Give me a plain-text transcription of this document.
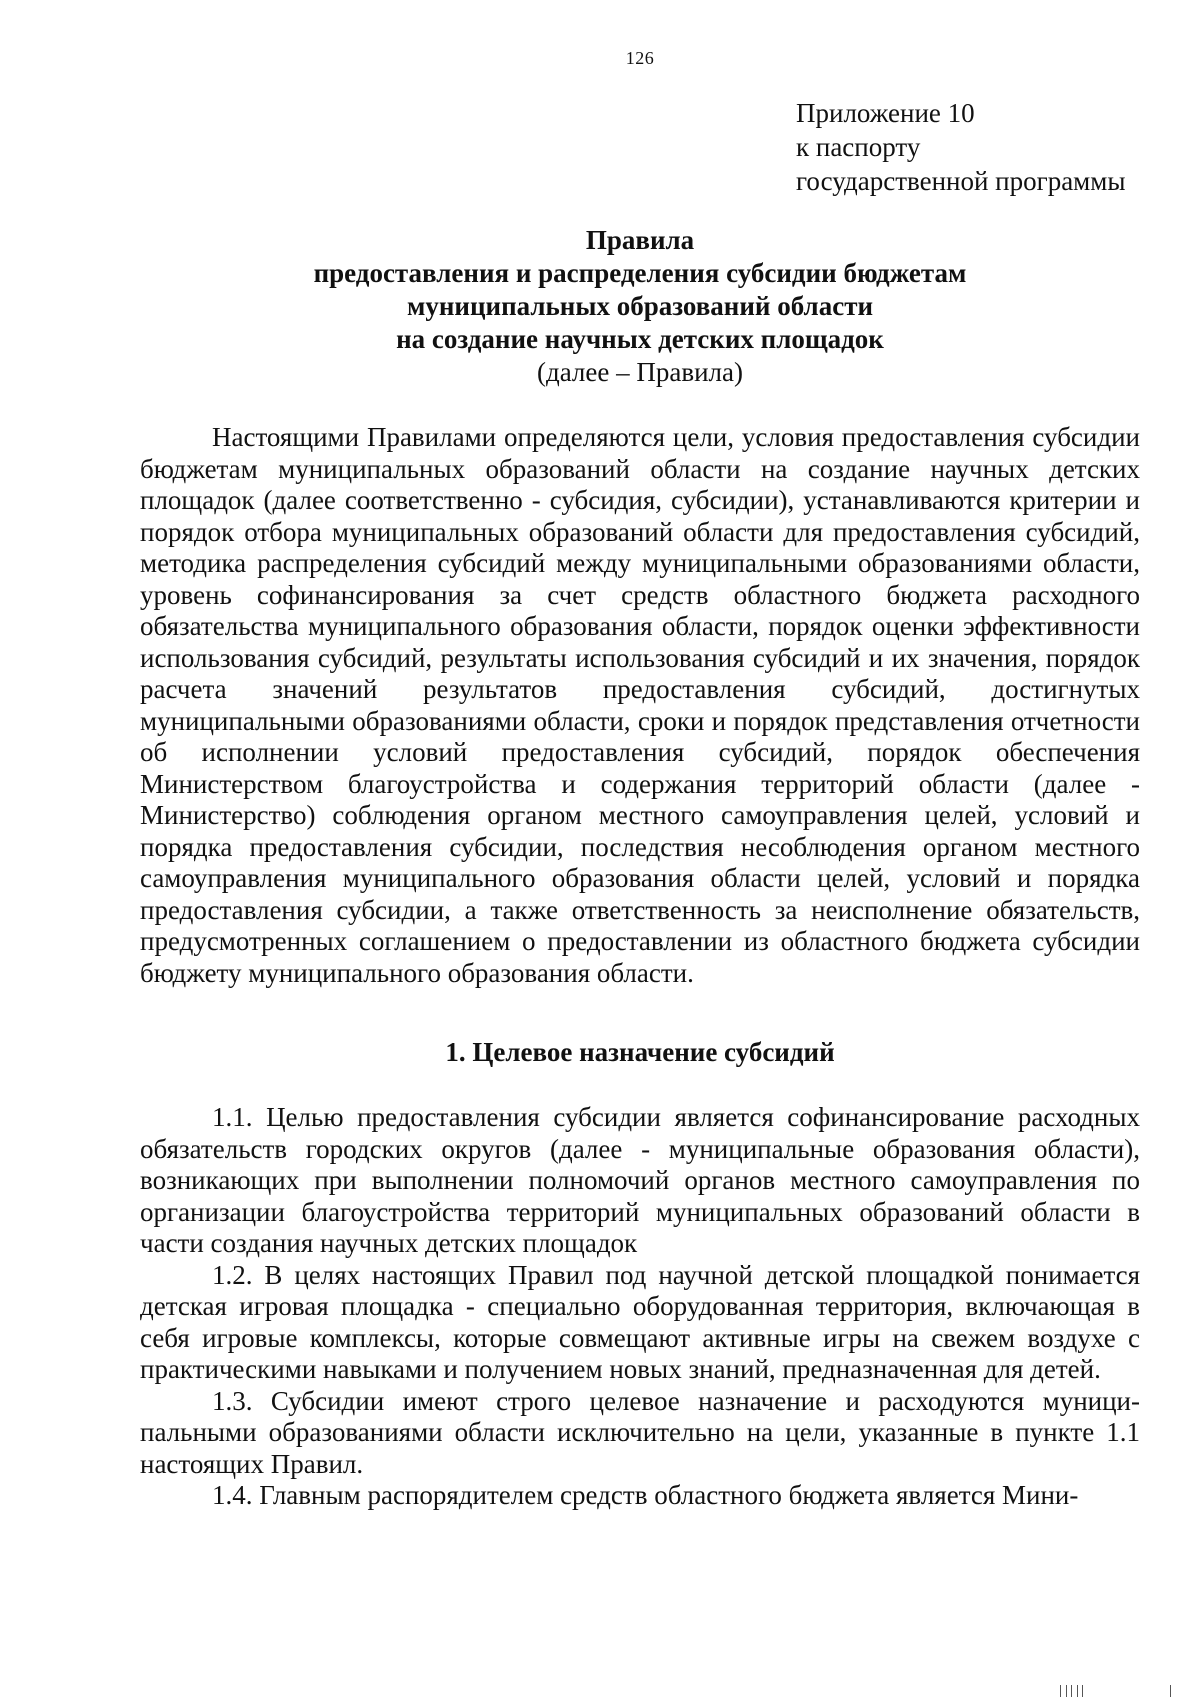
126
Приложение 10
к паспорту
государственной программы
Правила
предоставления и распределения субсидии бюджетам
муниципальных образований области
на создание научных детских площадок
(далее – Правила)

Настоящими Правилами определяются цели, условия предоставления субсидии бюджетам муниципальных образований области на создание научных детских площадок (далее соответственно - субсидия, субсидии), устанавливаются критерии и порядок отбора муниципальных образований области для предоставления субсидий, методика распределения субсидий между муниципальными образованиями области, уровень софинансирования за счет средств областного бюджета расходного обязательства муниципального образования области, порядок оценки эффективности использования субсидий, результаты использования субсидий и их значения, порядок расчета значений результатов предоставления субсидий, достигнутых муниципальными образованиями области, сроки и порядок представления отчетности об исполнении условий предоставления субсидий, порядок обеспечения Министерством благоустройства и содержания территорий области (далее - Министерство) соблюдения органом местного самоуправления целей, условий и порядка предоставления субсидии, последствия несоблюдения органом местного самоуправления муниципального образования области целей, условий и порядка предоставления субсидии, а также ответственность за неисполнение обязательств, предусмотренных соглашением о предоставлении из областного бюджета субсидии бюджету муниципального образования области.

1. Целевое назначение субсидий

1.1. Целью предоставления субсидии является софинансирование расходных обязательств городских округов (далее - муниципальные образования области), возникающих при выполнении полномочий органов местного самоуправления по организации благоустройства территорий муниципальных образований области в части создания научных детских площадок

1.2. В целях настоящих Правил под научной детской площадкой понимается детская игровая площадка - специально оборудованная территория, включающая в себя игровые комплексы, которые совмещают активные игры на свежем воздухе с практическими навыками и получением новых знаний, предназначенная для детей.

1.3. Субсидии имеют строго целевое назначение и расходуются муниципальными образованиями области исключительно на цели, указанные в пункте 1.1 настоящих Правил.

1.4. Главным распорядителем средств областного бюджета является Мини-
